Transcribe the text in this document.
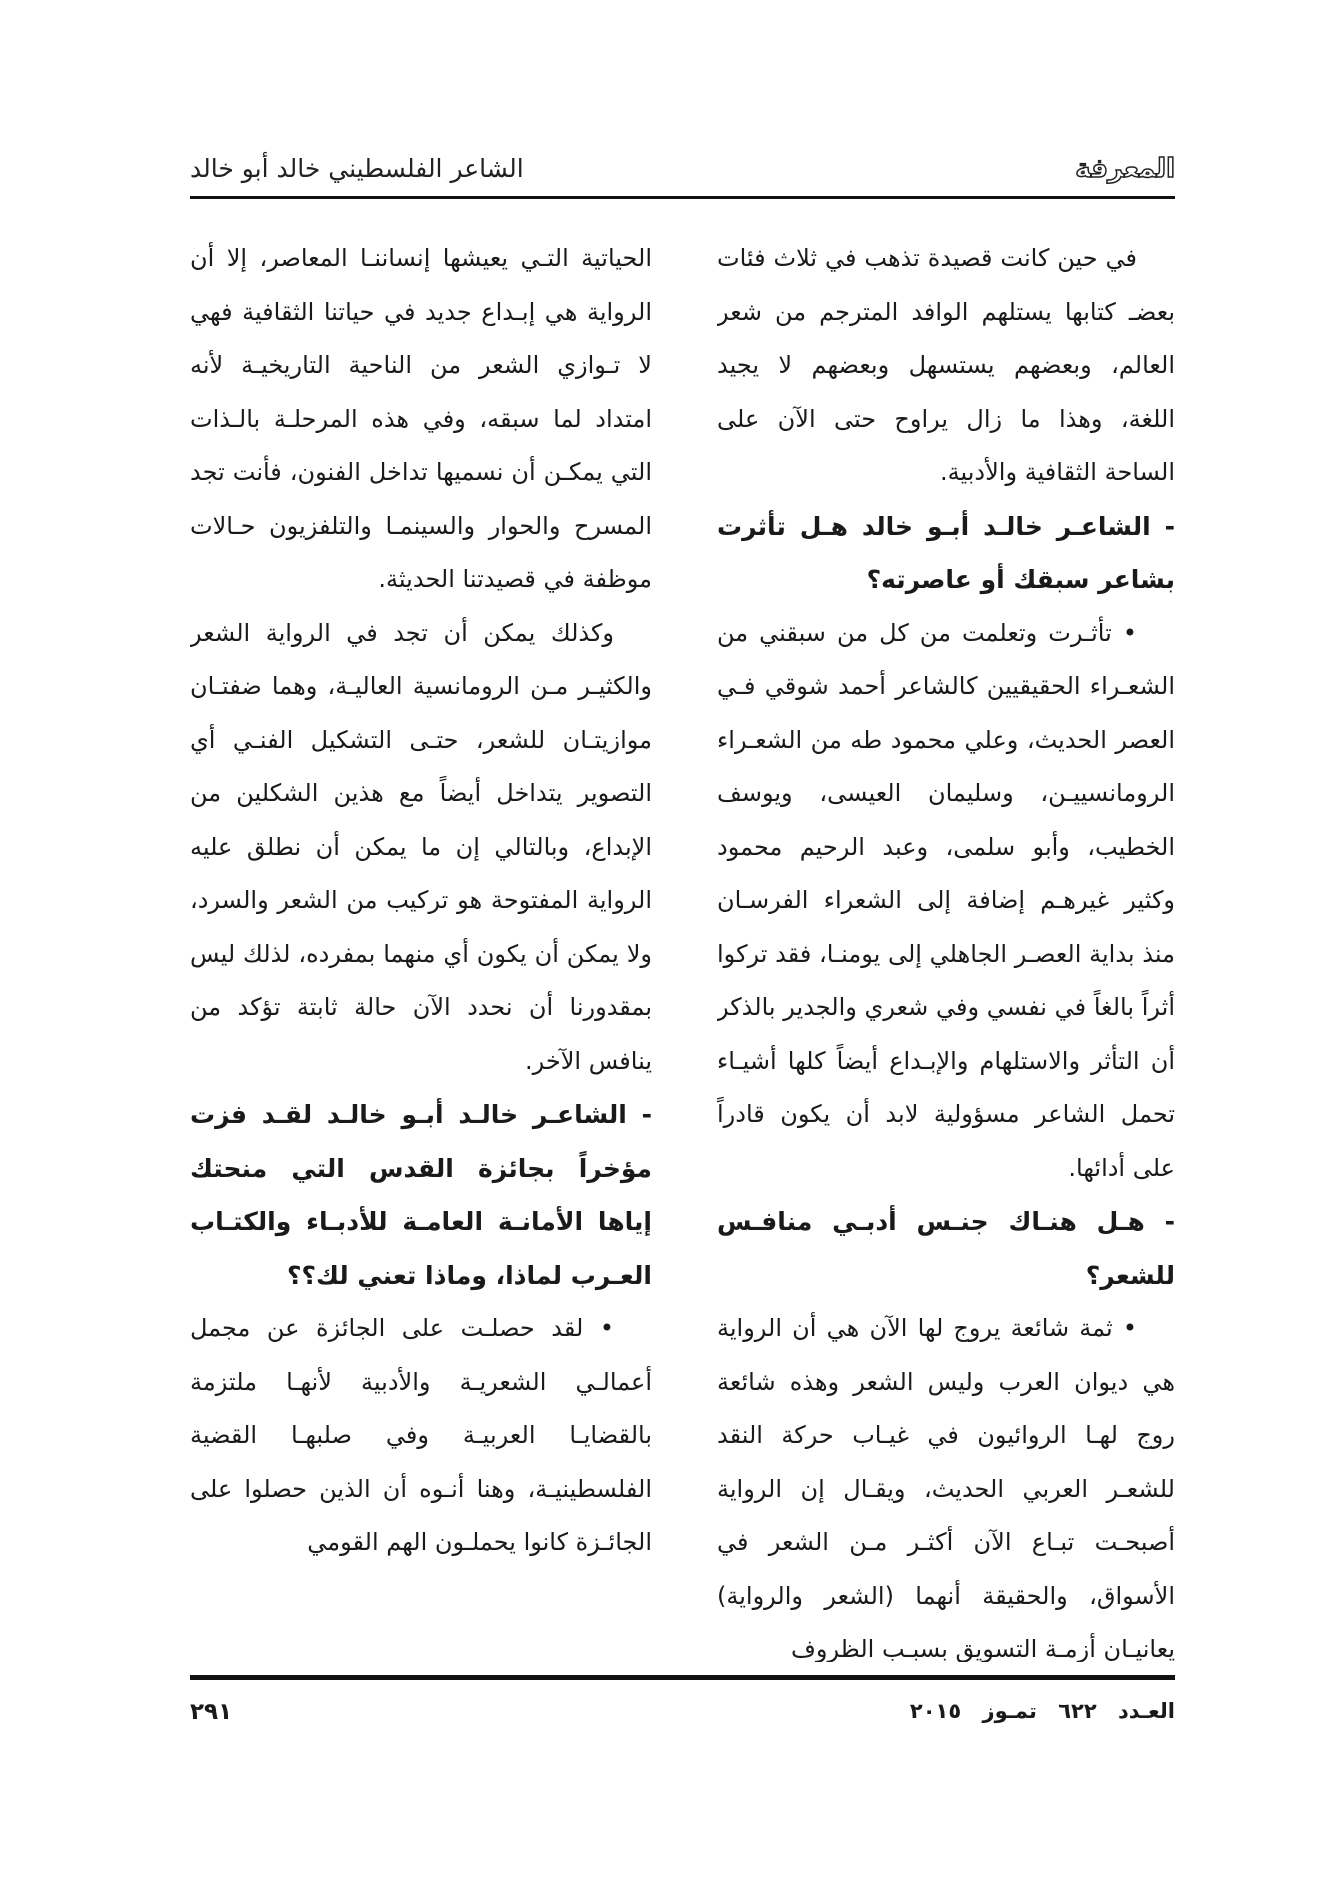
المعرفة
الشاعر الفلسطيني خالد أبو خالد

في حين كانت قصيدة تذهب في ثلاث فئات بعضـ كتابها يستلهم الوافد المترجم من شعر العالم، وبعضهم يستسهل وبعضهم لا يجيد اللغة، وهذا ما زال يراوح حتى الآن على الساحة الثقافية والأدبية.

- الشاعـر خالـد أبـو خالد هـل تأثرت بشاعر سبقك أو عاصرته؟

• تأثـرت وتعلمت من كل من سبقني من الشعـراء الحقيقيين كالشاعر أحمد شوقي فـي العصر الحديث، وعلي محمود طه من الشعـراء الرومانسييـن، وسليمان العيسى، ويوسف الخطيب، وأبو سلمى، وعبد الرحيم محمود وكثير غيرهـم إضافة إلى الشعراء الفرسـان منذ بداية العصـر الجاهلي إلى يومنـا، فقد تركوا أثراً بالغاً في نفسي وفي شعري والجدير بالذكر أن التأثر والاستلهام والإبـداع أيضاً كلها أشيـاء تحمل الشاعر مسؤولية لابد أن يكون قادراً على أدائها.

- هـل هنـاك جنـس أدبـي منافـس للشعر؟

• ثمة شائعة يروج لها الآن هي أن الرواية هي ديوان العرب وليس الشعر وهذه شائعة روج لهـا الروائيون في غيـاب حركة النقد للشعـر العربي الحديث، ويقـال إن الرواية أصبحـت تبـاع الآن أكثـر مـن الشعر في الأسواق، والحقيقة أنهما (الشعر والرواية) يعانيـان أزمـة التسويق بسبـب الظروف

الحياتية التـي يعيشها إنساننـا المعاصر، إلا أن الرواية هي إبـداع جديد في حياتنا الثقافية فهي لا تـوازي الشعر من الناحية التاريخيـة لأنه امتداد لما سبقه، وفي هذه المرحلـة بالـذات التي يمكـن أن نسميها تداخل الفنون، فأنت تجد المسرح والحوار والسينمـا والتلفزيون حـالات موظفة في قصيدتنا الحديثة.

وكذلك يمكن أن تجد في الرواية الشعر والكثيـر مـن الرومانسية العاليـة، وهما ضفتـان موازيتـان للشعر، حتـى التشكيل الفنـي أي التصوير يتداخل أيضاً مع هذين الشكلين من الإبداع، وبالتالي إن ما يمكن أن نطلق عليه الرواية المفتوحة هو تركيب من الشعر والسرد، ولا يمكن أن يكون أي منهما بمفرده، لذلك ليس بمقدورنا أن نحدد الآن حالة ثابتة تؤكد من ينافس الآخر.

- الشاعـر خالـد أبـو خالـد لقـد فزت مؤخراً بجائزة القدس التي منحتك إياها الأمانـة العامـة للأدبـاء والكتـاب العـرب لماذا، وماذا تعني لك؟؟

• لقد حصلـت على الجائزة عن مجمل أعمالـي الشعريـة والأدبية لأنهـا ملتزمة بالقضايـا العربيـة وفي صلبهـا القضية الفلسطينيـة، وهنا أنـوه أن الذين حصلوا على الجائـزة كانوا يحملـون الهم القومي

العـدد ٦٢٢ تمـوز ٢٠١٥
٢٩١
